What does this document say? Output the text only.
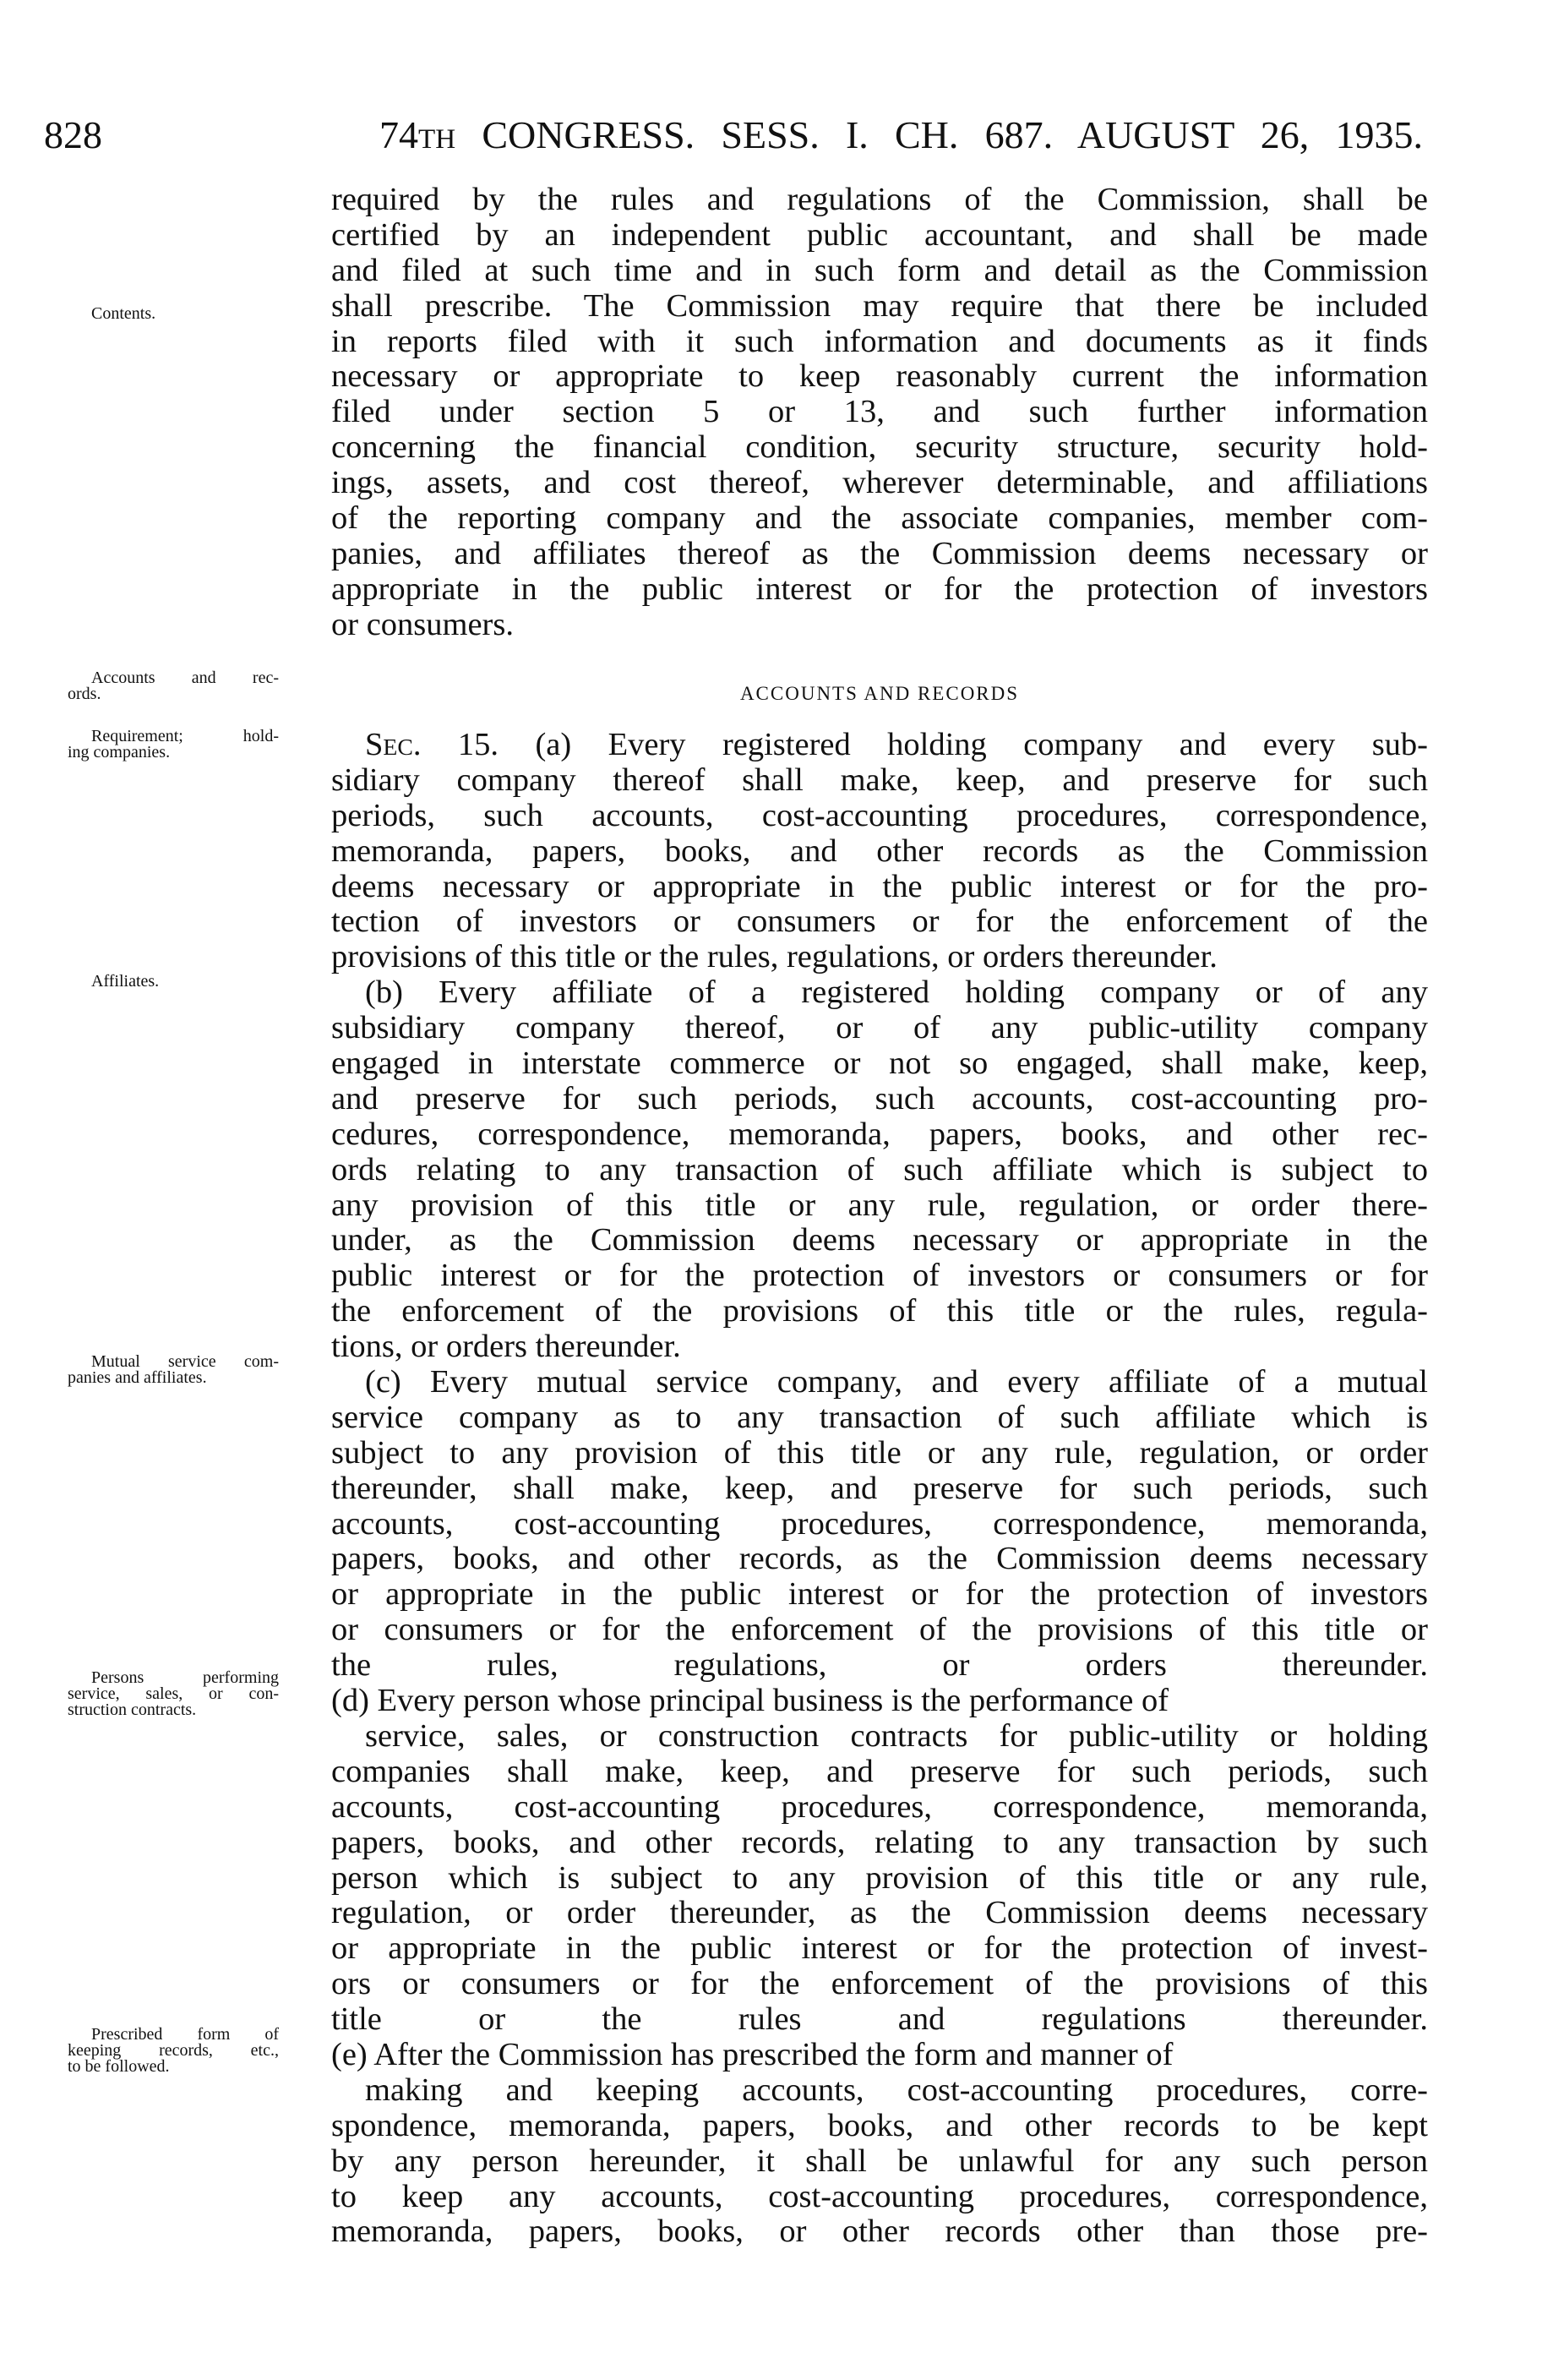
828	74TH CONGRESS. SESS. I. CH. 687. AUGUST 26, 1935.
Contents.
Accounts and rec-
ords.
Requirement; hold-
ing companies.
Affiliates.
Mutual service com-
panies and affiliates.
Persons performing
service, sales, or con-
struction contracts.
Prescribed form of
keeping records, etc.,
to be followed.
required by the rules and regulations of the Commission, shall be
certified by an independent public accountant, and shall be made
and filed at such time and in such form and detail as the Commission
shall prescribe. The Commission may require that there be included
in reports filed with it such information and documents as it finds
necessary or appropriate to keep reasonably current the information
filed under section 5 or 13, and such further information
concerning the financial condition, security structure, security hold-
ings, assets, and cost thereof, wherever determinable, and affiliations
of the reporting company and the associate companies, member com-
panies, and affiliates thereof as the Commission deems necessary or
appropriate in the public interest or for the protection of investors
or consumers.
ACCOUNTS AND RECORDS
SEC. 15. (a) Every registered holding company and every sub-
sidiary company thereof shall make, keep, and preserve for such
periods, such accounts, cost-accounting procedures, correspondence,
memoranda, papers, books, and other records as the Commission
deems necessary or appropriate in the public interest or for the pro-
tection of investors or consumers or for the enforcement of the
provisions of this title or the rules, regulations, or orders thereunder.
(b) Every affiliate of a registered holding company or of any
subsidiary company thereof, or of any public-utility company
engaged in interstate commerce or not so engaged, shall make, keep,
and preserve for such periods, such accounts, cost-accounting pro-
cedures, correspondence, memoranda, papers, books, and other rec-
ords relating to any transaction of such affiliate which is subject to
any provision of this title or any rule, regulation, or order there-
under, as the Commission deems necessary or appropriate in the
public interest or for the protection of investors or consumers or for
the enforcement of the provisions of this title or the rules, regula-
tions, or orders thereunder.
(c) Every mutual service company, and every affiliate of a mutual
service company as to any transaction of such affiliate which is
subject to any provision of this title or any rule, regulation, or order
thereunder, shall make, keep, and preserve for such periods, such
accounts, cost-accounting procedures, correspondence, memoranda,
papers, books, and other records, as the Commission deems necessary
or appropriate in the public interest or for the protection of investors
or consumers or for the enforcement of the provisions of this title or
the rules, regulations, or orders thereunder.
(d) Every person whose principal business is the performance of
service, sales, or construction contracts for public-utility or holding
companies shall make, keep, and preserve for such periods, such
accounts, cost-accounting procedures, correspondence, memoranda,
papers, books, and other records, relating to any transaction by such
person which is subject to any provision of this title or any rule,
regulation, or order thereunder, as the Commission deems necessary
or appropriate in the public interest or for the protection of invest-
ors or consumers or for the enforcement of the provisions of this
title or the rules and regulations thereunder.
(e) After the Commission has prescribed the form and manner of
making and keeping accounts, cost-accounting procedures, corre-
spondence, memoranda, papers, books, and other records to be kept
by any person hereunder, it shall be unlawful for any such person
to keep any accounts, cost-accounting procedures, correspondence,
memoranda, papers, books, or other records other than those pre-
